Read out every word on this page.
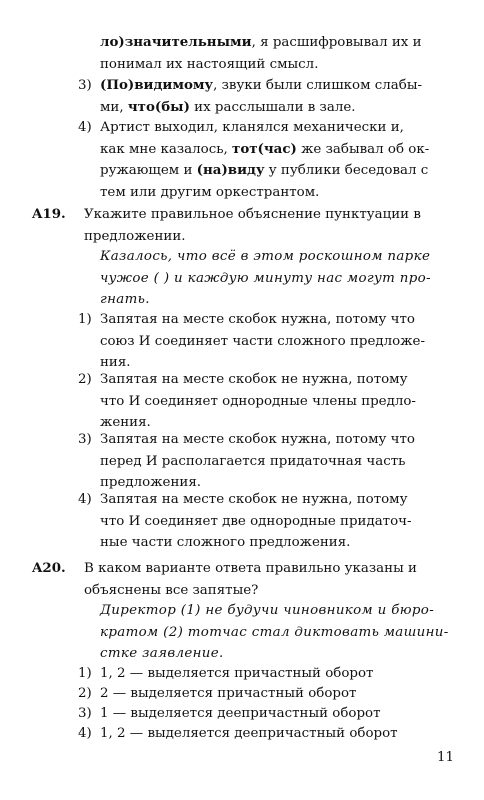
ло)значительными, я расшифровывал их и
понимал их настоящий смысл.
3) (По)видимому, звуки были слишком слабы-
ми, что(бы) их расслышали в зале.
4) Артист выходил, кланялся механически и,
как мне казалось, тот(час) же забывал об ок-
ружающем и (на)виду у публики беседовал с
тем или другим оркестрантом.
A19. Укажите правильное объяснение пунктуации в
предложении.
Казалось, что всё в этом роскошном парке
чужое ( ) и каждую минуту нас могут про-
гнать.
1) Запятая на месте скобок нужна, потому что
союз И соединяет части сложного предложе-
ния.
2) Запятая на месте скобок не нужна, потому
что И соединяет однородные члены предло-
жения.
3) Запятая на месте скобок нужна, потому что
перед И располагается придаточная часть
предложения.
4) Запятая на месте скобок не нужна, потому
что И соединяет две однородные придаточ-
ные части сложного предложения.
A20. В каком варианте ответа правильно указаны и
объяснены все запятые?
Директор (1) не будучи чиновником и бюро-
кратом (2) тотчас стал диктовать машини-
стке заявление.
1) 1, 2 — выделяется причастный оборот
2) 2 — выделяется причастный оборот
3) 1 — выделяется деепричастный оборот
4) 1, 2 — выделяется деепричастный оборот
11
